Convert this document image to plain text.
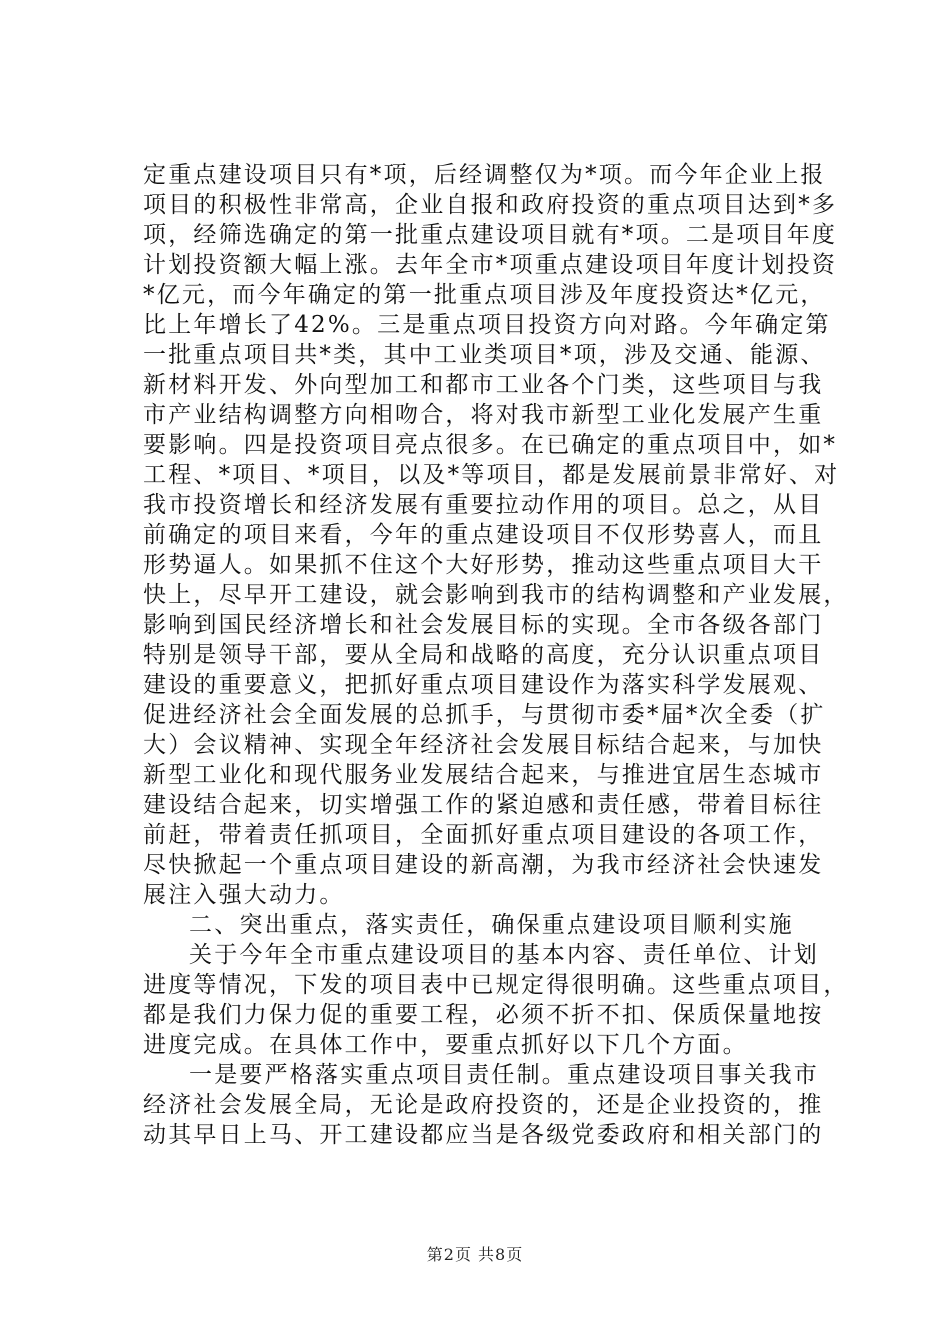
定重点建设项目只有*项，后经调整仅为*项。而今年企业上报
项目的积极性非常高，企业自报和政府投资的重点项目达到*多
项，经筛选确定的第一批重点建设项目就有*项。二是项目年度
计划投资额大幅上涨。去年全市*项重点建设项目年度计划投资
*亿元，而今年确定的第一批重点项目涉及年度投资达*亿元，
比上年增长了42%。三是重点项目投资方向对路。今年确定第
一批重点项目共*类，其中工业类项目*项，涉及交通、能源、
新材料开发、外向型加工和都市工业各个门类，这些项目与我
市产业结构调整方向相吻合，将对我市新型工业化发展产生重
要影响。四是投资项目亮点很多。在已确定的重点项目中，如*
工程、*项目、*项目，以及*等项目，都是发展前景非常好、对
我市投资增长和经济发展有重要拉动作用的项目。总之，从目
前确定的项目来看，今年的重点建设项目不仅形势喜人，而且
形势逼人。如果抓不住这个大好形势，推动这些重点项目大干
快上，尽早开工建设，就会影响到我市的结构调整和产业发展，
影响到国民经济增长和社会发展目标的实现。全市各级各部门
特别是领导干部，要从全局和战略的高度，充分认识重点项目
建设的重要意义，把抓好重点项目建设作为落实科学发展观、
促进经济社会全面发展的总抓手，与贯彻市委*届*次全委（扩
大）会议精神、实现全年经济社会发展目标结合起来，与加快
新型工业化和现代服务业发展结合起来，与推进宜居生态城市
建设结合起来，切实增强工作的紧迫感和责任感，带着目标往
前赶，带着责任抓项目，全面抓好重点项目建设的各项工作，
尽快掀起一个重点项目建设的新高潮，为我市经济社会快速发
展注入强大动力。
二、突出重点，落实责任，确保重点建设项目顺利实施
关于今年全市重点建设项目的基本内容、责任单位、计划
进度等情况，下发的项目表中已规定得很明确。这些重点项目，
都是我们力保力促的重要工程，必须不折不扣、保质保量地按
进度完成。在具体工作中，要重点抓好以下几个方面。
一是要严格落实重点项目责任制。重点建设项目事关我市
经济社会发展全局，无论是政府投资的，还是企业投资的，推
动其早日上马、开工建设都应当是各级党委政府和相关部门的
第2页 共8页
